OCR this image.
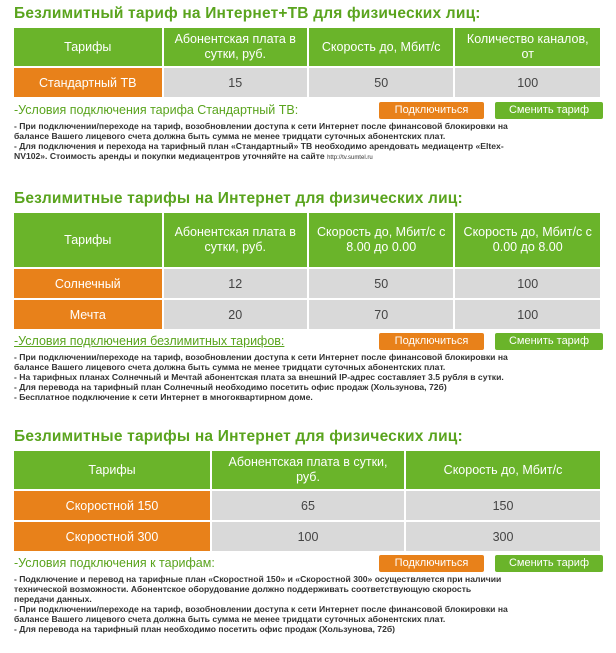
Безлимитный тариф на Интернет+ТВ для физических лиц:
Тарифы	Абонентская плата в сутки, руб.	Скорость до, Мбит/с	Количество каналов, от
Стандартный ТВ	15	50	100
-Условия подключения тарифа Стандартный ТВ:	Подключиться	Сменить тариф
- При подключении/переходе на тариф, возобновлении доступа к сети Интернет после финансовой блокировки на
балансе Вашего лицевого счета должна быть сумма не менее тридцати суточных абонентских плат.
- Для подключения и перехода на тарифный план «Стандартный» ТВ необходимо арендовать медиацентр «Eltex-
NV102». Стоимость аренды и покупки медиацентров уточняйте на сайте http://tv.sumtel.ru
Безлимитные тарифы на Интернет для физических лиц:
Тарифы	Абонентская плата в сутки, руб.	Скорость до, Мбит/с с 8.00 до 0.00	Скорость до, Мбит/с с 0.00 до 8.00
Солнечный	12	50	100
Мечта	20	70	100
-Условия подключения безлимитных тарифов:	Подключиться	Сменить тариф
- При подключении/переходе на тариф, возобновлении доступа к сети Интернет после финансовой блокировки на
балансе Вашего лицевого счета должна быть сумма не менее тридцати суточных абонентских плат.
- На тарифных планах Солнечный и Мечтай абонентская плата за внешний IP-адрес составляет 3.5 рубля в сутки.
- Для перевода на тарифный план Солнечный необходимо посетить офис продаж (Хользунова, 72б)
- Бесплатное подключение к сети Интернет в многоквартирном доме.
Безлимитные тарифы на Интернет для физических лиц:
Тарифы	Абонентская плата в сутки, руб.	Скорость до, Мбит/с
Скоростной 150	65	150
Скоростной 300	100	300
-Условия подключения к тарифам:	Подключиться	Сменить тариф
- Подключение и перевод на тарифные план «Скоростной 150» и «Скоростной 300» осуществляется при наличии
технической возможности. Абонентское оборудование должно поддерживать соответствующую скорость
передачи данных.
- При подключении/переходе на тариф, возобновлении доступа к сети Интернет после финансовой блокировки на
балансе Вашего лицевого счета должна быть сумма не менее тридцати суточных абонентских плат.
- Для перевода на тарифный план необходимо посетить офис продаж (Хользунова, 72б)
